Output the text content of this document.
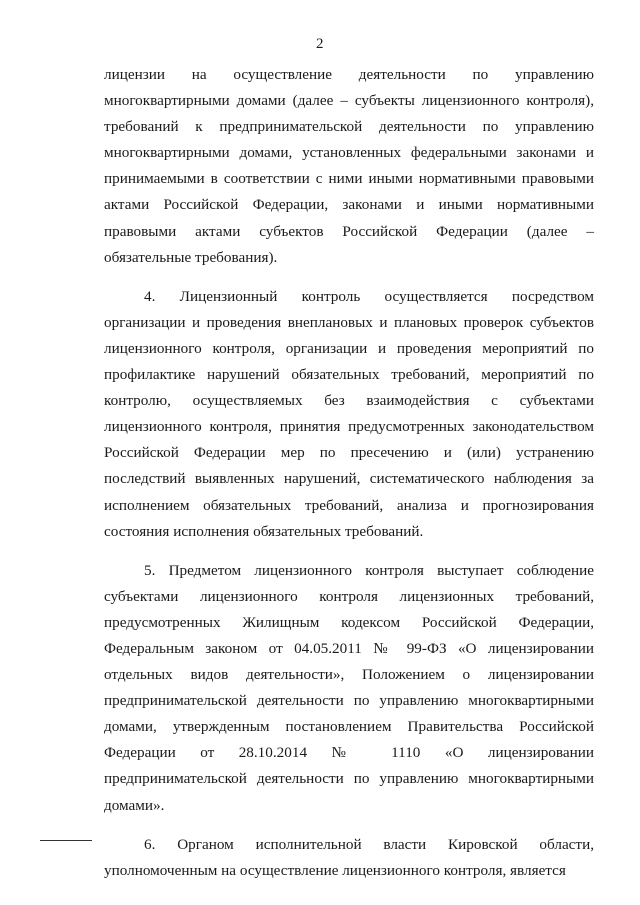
2

лицензии на осуществление деятельности по управлению многоквартирными домами (далее – субъекты лицензионного контроля), требований к предпринимательской деятельности по управлению многоквартирными домами, установленных федеральными законами и принимаемыми в соответствии с ними иными нормативными правовыми актами Российской Федерации, законами и иными нормативными правовыми актами субъектов Российской Федерации (далее – обязательные требования).

4. Лицензионный контроль осуществляется посредством организации и проведения внеплановых и плановых проверок субъектов лицензионного контроля, организации и проведения мероприятий по профилактике нарушений обязательных требований, мероприятий по контролю, осуществляемых без взаимодействия с субъектами лицензионного контроля, принятия предусмотренных законодательством Российской Федерации мер по пресечению и (или) устранению последствий выявленных нарушений, систематического наблюдения за исполнением обязательных требований, анализа и прогнозирования состояния исполнения обязательных требований.

5. Предметом лицензионного контроля выступает соблюдение субъектами лицензионного контроля лицензионных требований, предусмотренных Жилищным кодексом Российской Федерации, Федеральным законом от 04.05.2011 № 99-ФЗ «О лицензировании отдельных видов деятельности», Положением о лицензировании предпринимательской деятельности по управлению многоквартирными домами, утвержденным постановлением Правительства Российской Федерации от 28.10.2014 № 1110 «О лицензировании предпринимательской деятельности по управлению многоквартирными домами».

6. Органом исполнительной власти Кировской области, уполномоченным на осуществление лицензионного контроля, является
